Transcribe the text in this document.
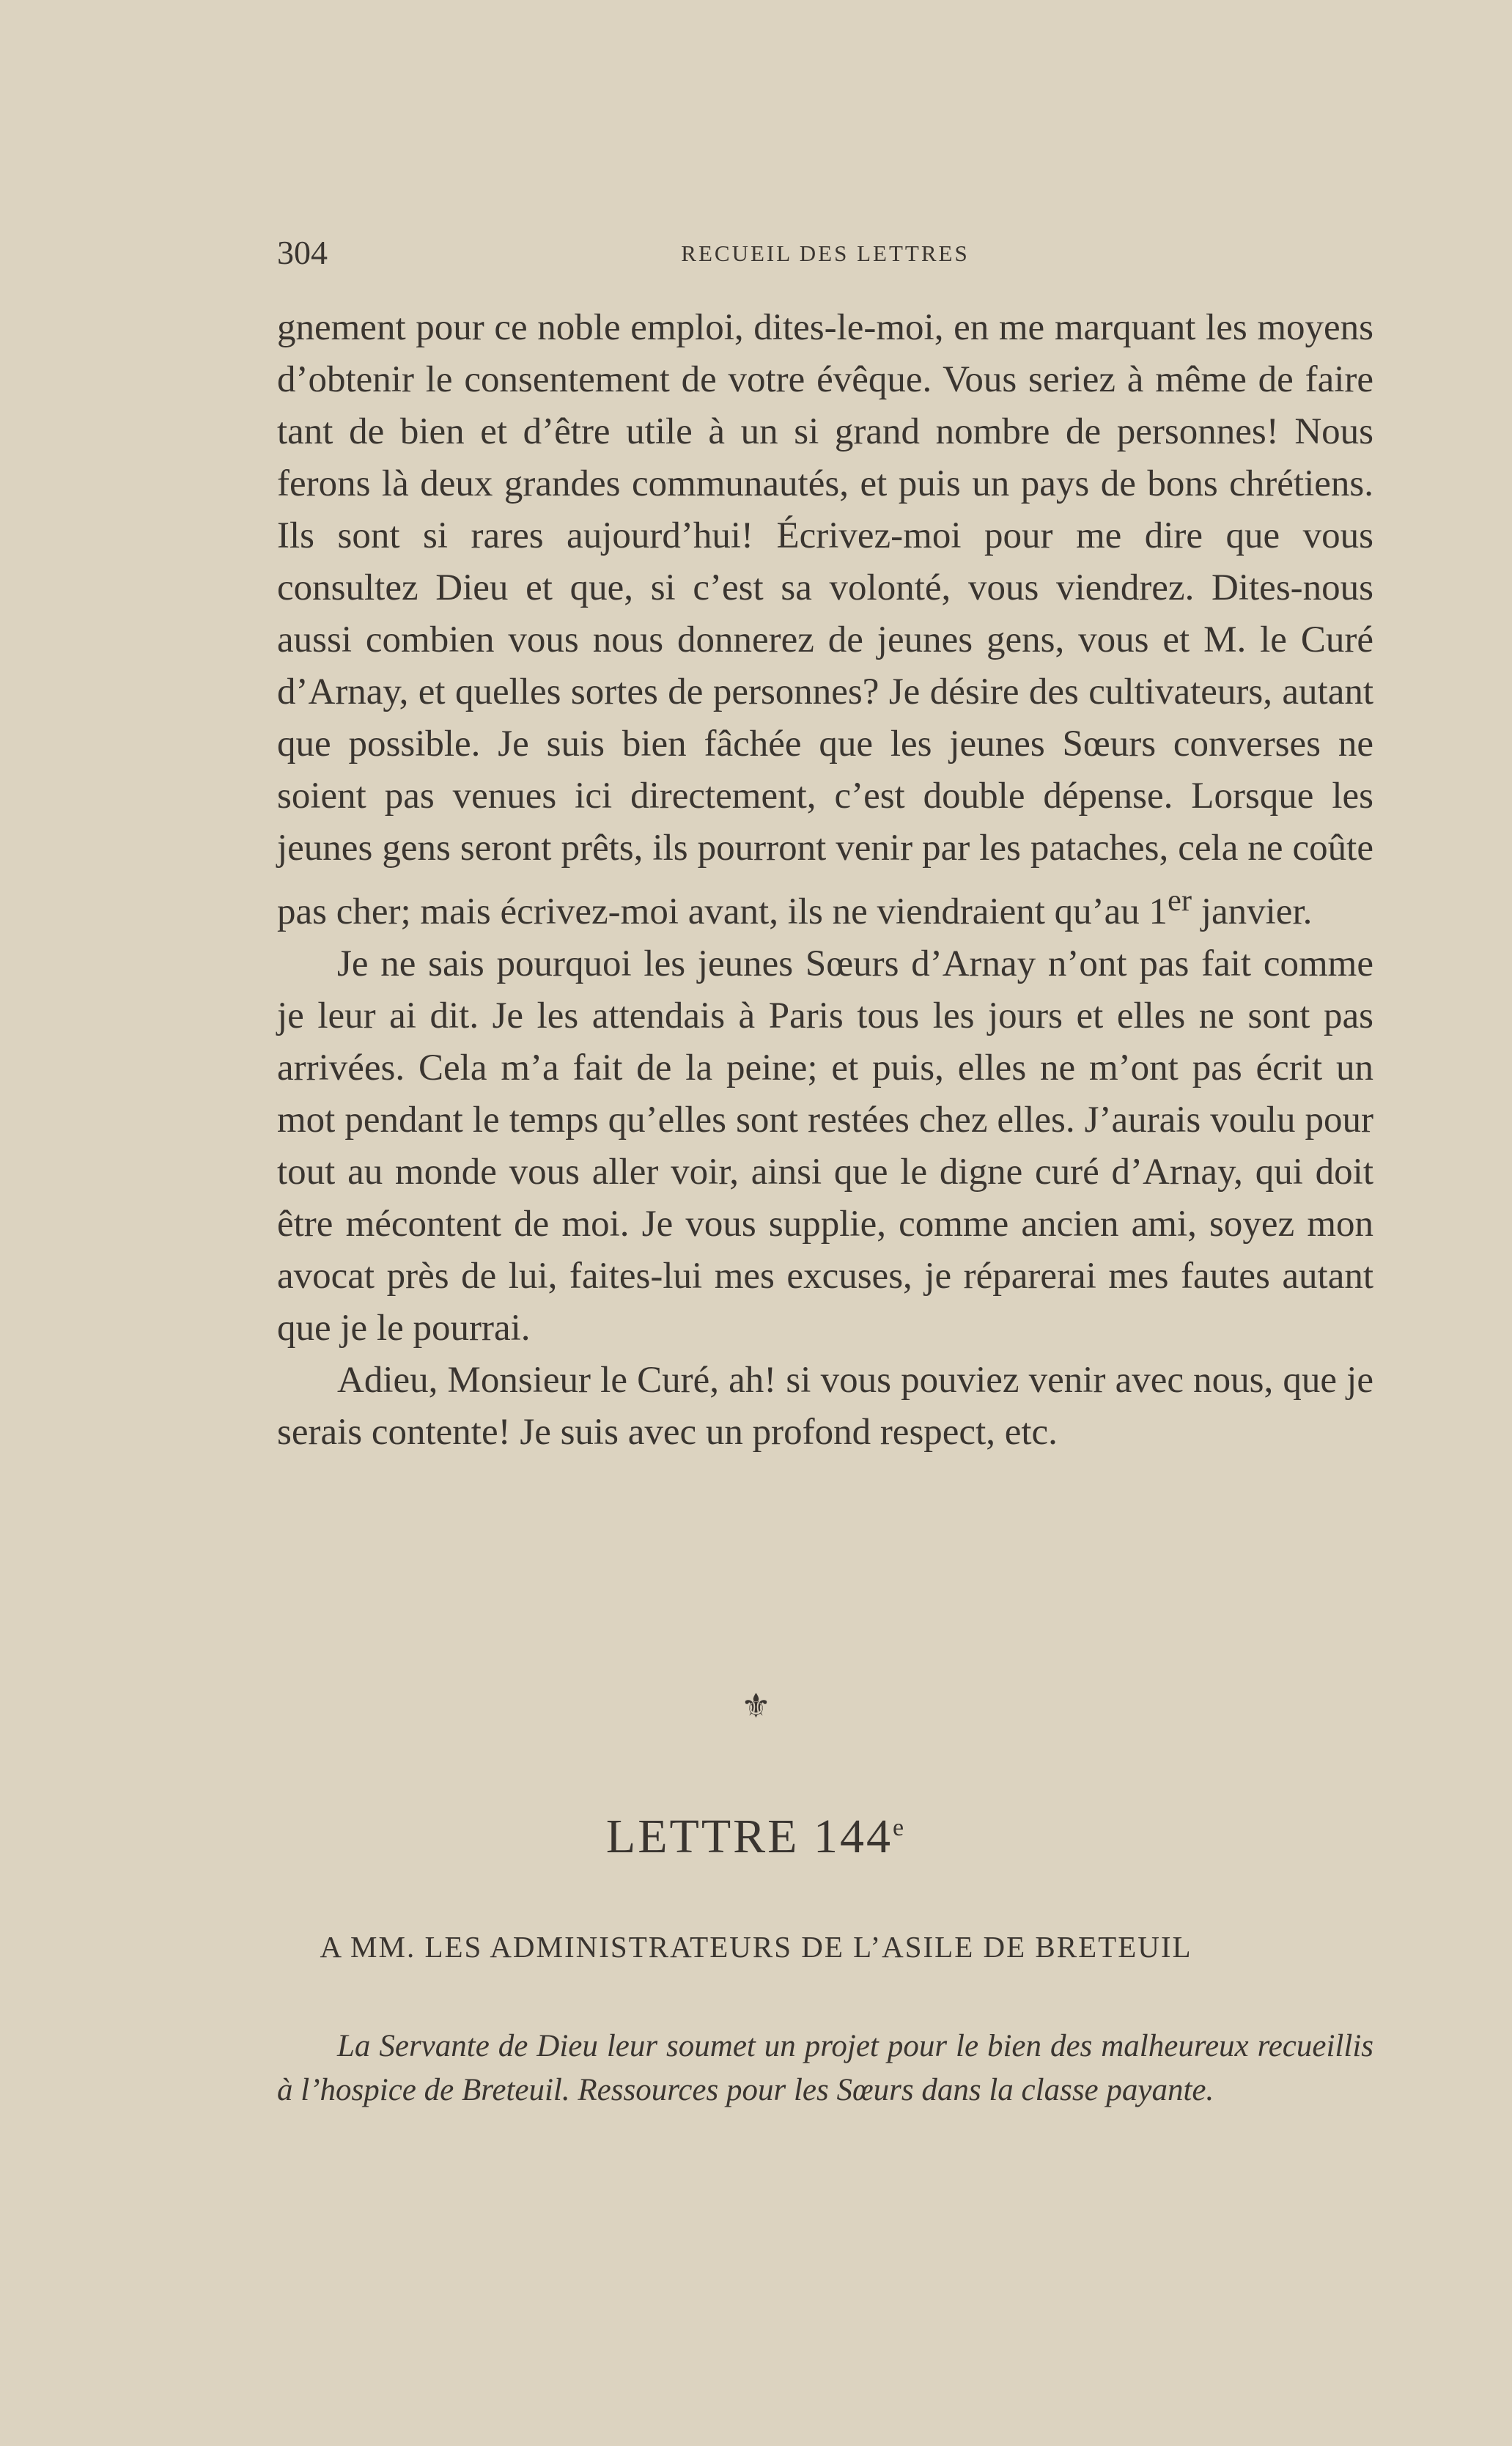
304	RECUEIL DES LETTRES

gnement pour ce noble emploi, dites-le-moi, en me marquant les moyens d’obtenir le consentement de votre évêque. Vous seriez à même de faire tant de bien et d’être utile à un si grand nombre de personnes! Nous ferons là deux grandes communautés, et puis un pays de bons chrétiens. Ils sont si rares aujourd’hui! Écrivez-moi pour me dire que vous consultez Dieu et que, si c’est sa volonté, vous viendrez. Dites-nous aussi combien vous nous donnerez de jeunes gens, vous et M. le Curé d’Arnay, et quelles sortes de personnes? Je désire des cultivateurs, autant que possible. Je suis bien fâchée que les jeunes Sœurs converses ne soient pas venues ici directement, c’est double dépense. Lorsque les jeunes gens seront prêts, ils pourront venir par les pataches, cela ne coûte pas cher; mais écrivez-moi avant, ils ne viendraient qu’au 1er janvier.

Je ne sais pourquoi les jeunes Sœurs d’Arnay n’ont pas fait comme je leur ai dit. Je les attendais à Paris tous les jours et elles ne sont pas arrivées. Cela m’a fait de la peine; et puis, elles ne m’ont pas écrit un mot pendant le temps qu’elles sont restées chez elles. J’aurais voulu pour tout au monde vous aller voir, ainsi que le digne curé d’Arnay, qui doit être mécontent de moi. Je vous supplie, comme ancien ami, soyez mon avocat près de lui, faites-lui mes excuses, je réparerai mes fautes autant que je le pourrai.

Adieu, Monsieur le Curé, ah! si vous pouviez venir avec nous, que je serais contente! Je suis avec un profond respect, etc.

⚜
LETTRE 144e
A MM. LES ADMINISTRATEURS DE L’ASILE DE BRETEUIL

La Servante de Dieu leur soumet un projet pour le bien des malheureux recueillis à l’hospice de Breteuil. Ressources pour les Sœurs dans la classe payante.
